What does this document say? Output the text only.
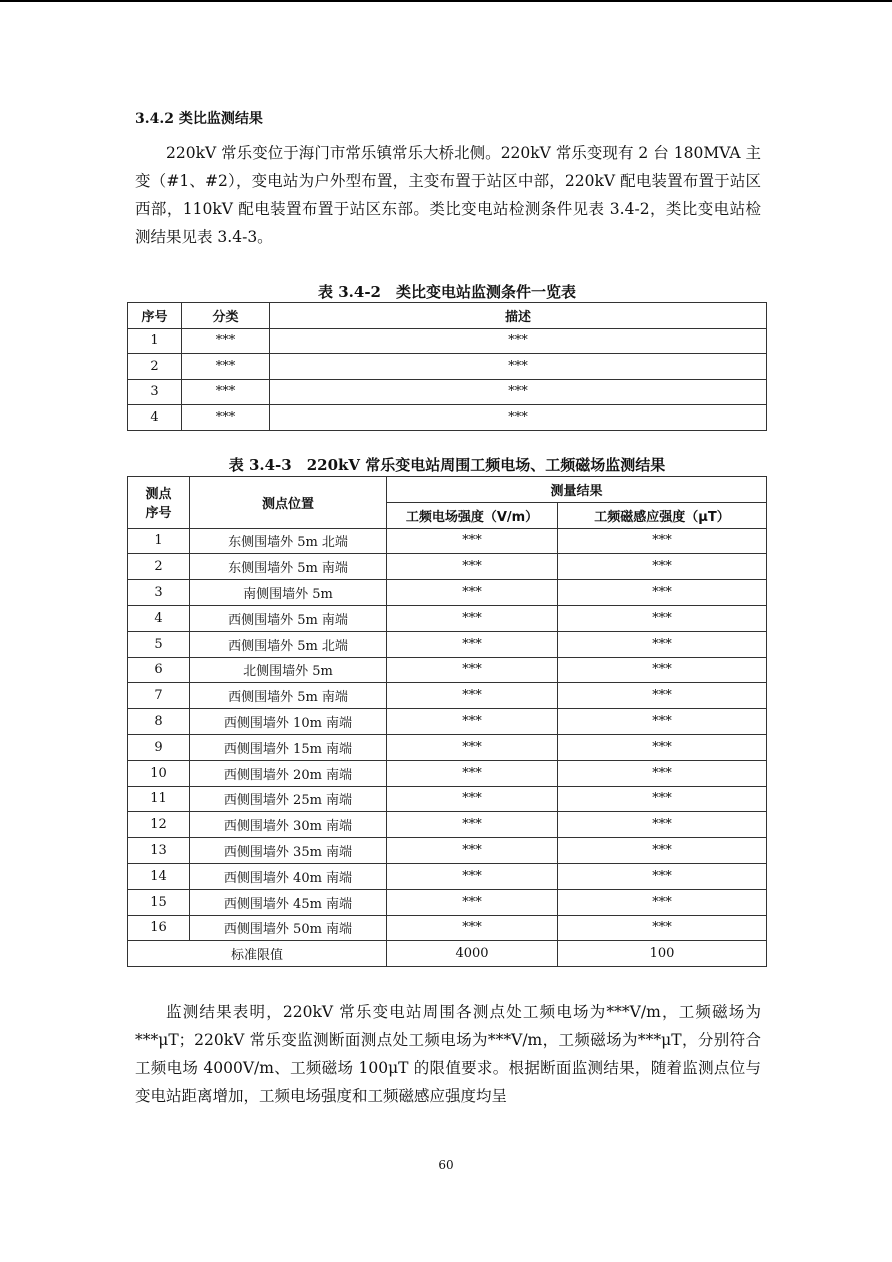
3.4.2 类比监测结果

220kV 常乐变位于海门市常乐镇常乐大桥北侧。220kV 常乐变现有 2 台 180MVA 主变（#1、#2），变电站为户外型布置，主变布置于站区中部，220kV 配电装置布置于站区西部，110kV 配电装置布置于站区东部。类比变电站检测条件见表 3.4-2，类比变电站检测结果见表 3.4-3。

表 3.4-2　类比变电站监测条件一览表
序号	分类	描述
1	***	***
2	***	***
3	***	***
4	***	***
表 3.4-3　220kV 常乐变电站周围工频电场、工频磁场监测结果
测点
序号	测点位置	测量结果	
		工频电场强度（V/m）	工频磁感应强度（μT）
1	东侧围墙外 5m 北端	***	***
2	东侧围墙外 5m 南端	***	***
3	南侧围墙外 5m	***	***
4	西侧围墙外 5m 南端	***	***
5	西侧围墙外 5m 北端	***	***
6	北侧围墙外 5m	***	***
7	西侧围墙外 5m 南端	***	***
8	西侧围墙外 10m 南端	***	***
9	西侧围墙外 15m 南端	***	***
10	西侧围墙外 20m 南端	***	***
11	西侧围墙外 25m 南端	***	***
12	西侧围墙外 30m 南端	***	***
13	西侧围墙外 35m 南端	***	***
14	西侧围墙外 40m 南端	***	***
15	西侧围墙外 45m 南端	***	***
16	西侧围墙外 50m 南端	***	***
标准限值		4000	100

监测结果表明，220kV 常乐变电站周围各测点处工频电场为***V/m，工频磁场为***μT；220kV 常乐变监测断面测点处工频电场为***V/m，工频磁场为***μT，分别符合工频电场 4000V/m、工频磁场 100μT 的限值要求。根据断面监测结果，随着监测点位与变电站距离增加，工频电场强度和工频磁感应强度均呈

60
